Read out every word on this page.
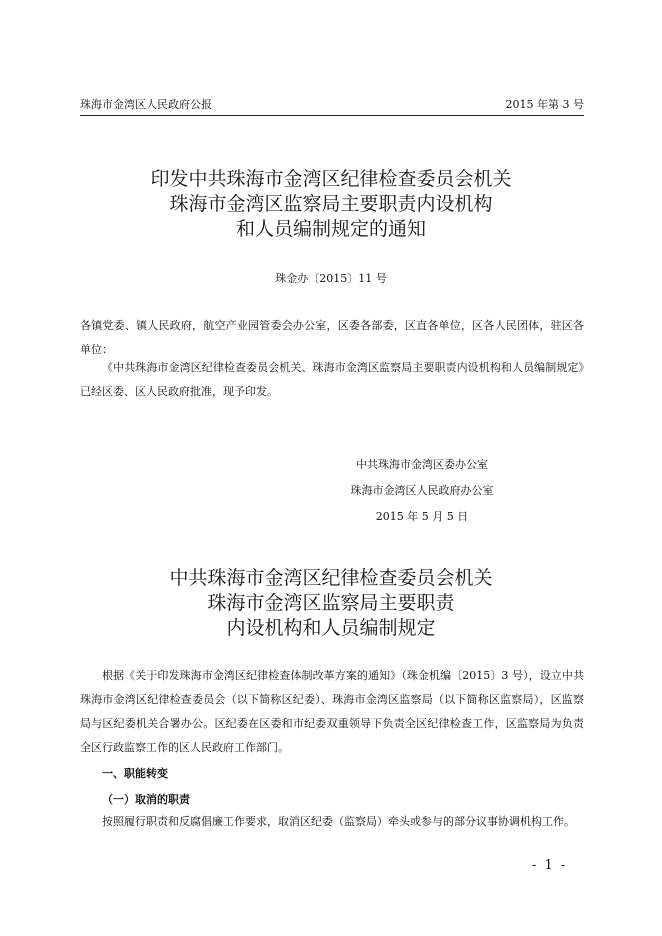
珠海市金湾区人民政府公报	2015 年第 3 号
印发中共珠海市金湾区纪律检查委员会机关
珠海市金湾区监察局主要职责内设机构
和人员编制规定的通知
珠金办〔2015〕11 号

各镇党委、镇人民政府，航空产业园管委会办公室，区委各部委，区直各单位，区各人民团体，驻区各单位：

《中共珠海市金湾区纪律检查委员会机关、珠海市金湾区监察局主要职责内设机构和人员编制规定》已经区委、区人民政府批准，现予印发。

中共珠海市金湾区委办公室
珠海市金湾区人民政府办公室
2015 年 5 月 5 日
中共珠海市金湾区纪律检查委员会机关
珠海市金湾区监察局主要职责
内设机构和人员编制规定

根据《关于印发珠海市金湾区纪律检查体制改革方案的通知》（珠金机编〔2015〕3 号），设立中共珠海市金湾区纪律检查委员会（以下简称区纪委）、珠海市金湾区监察局（以下简称区监察局），区监察局与区纪委机关合署办公。区纪委在区委和市纪委双重领导下负责全区纪律检查工作，区监察局为负责全区行政监察工作的区人民政府工作部门。

一、职能转变
（一）取消的职责

按照履行职责和反腐倡廉工作要求，取消区纪委（监察局）牵头或参与的部分议事协调机构工作。

- 1 -
